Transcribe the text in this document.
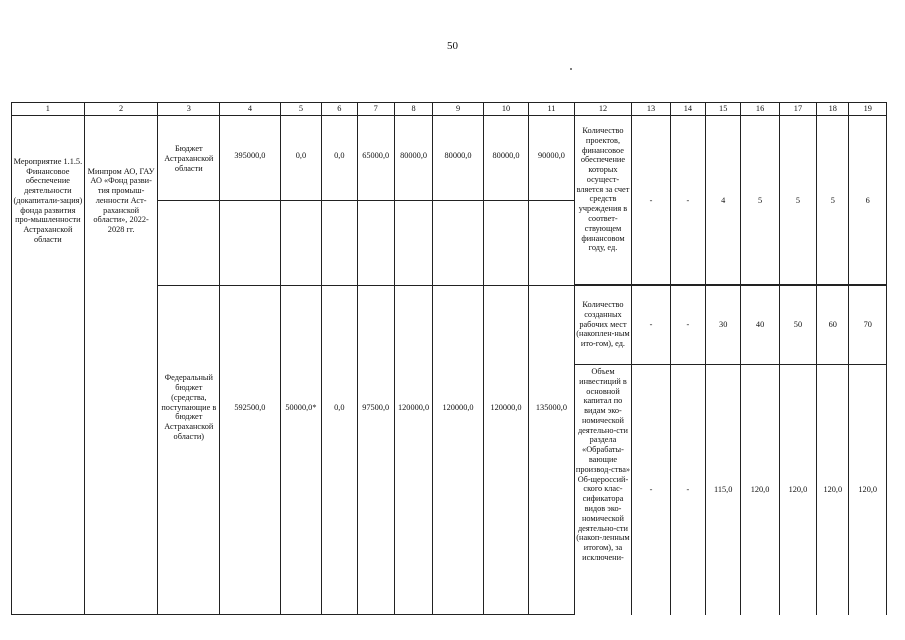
50
1	2	3	4	5	6	7	8	9	10	11	12	13	14	15	16	17	18	19
Мероприятие 1.1.5. Финансовое обеспечение деятельности (докапитали-зация) фонда развития про-мышленности Астраханской области	Минпром АО, ГАУ АО «Фонд разви-тия промыш-ленности Аст-раханской области», 2022-2028 гг.	Бюджет Астраханской области	395000,0	0,0	0,0	65000,0	80000,0	80000,0	80000,0	90000,0	Количество проектов, финансовое обеспечение которых осущест-вляется за счет средств учреждения в соответ-ствующем финансовом году, ед.	-	-	4	5	5	5	6

		Федеральный бюджет (средства, поступающие в бюджет Астраханской области)	592500,0	50000,0*	0,0	97500,0	120000,0	120000,0	120000,0	135000,0								
											Количество созданных рабочих мест (накоплен-ным ито-гом), ед.	-	-	30	40	50	60	70
											Объем инвестиций в основной капитал по видам эко-номической деятельно-сти раздела «Обрабаты-вающие производ-ства» Об-щероссий-ского клас-сификатора видов эко-номической деятельно-сти (накоп-ленным итогом), за исключени-	-	-	115,0	120,0	120,0	120,0	120,0
